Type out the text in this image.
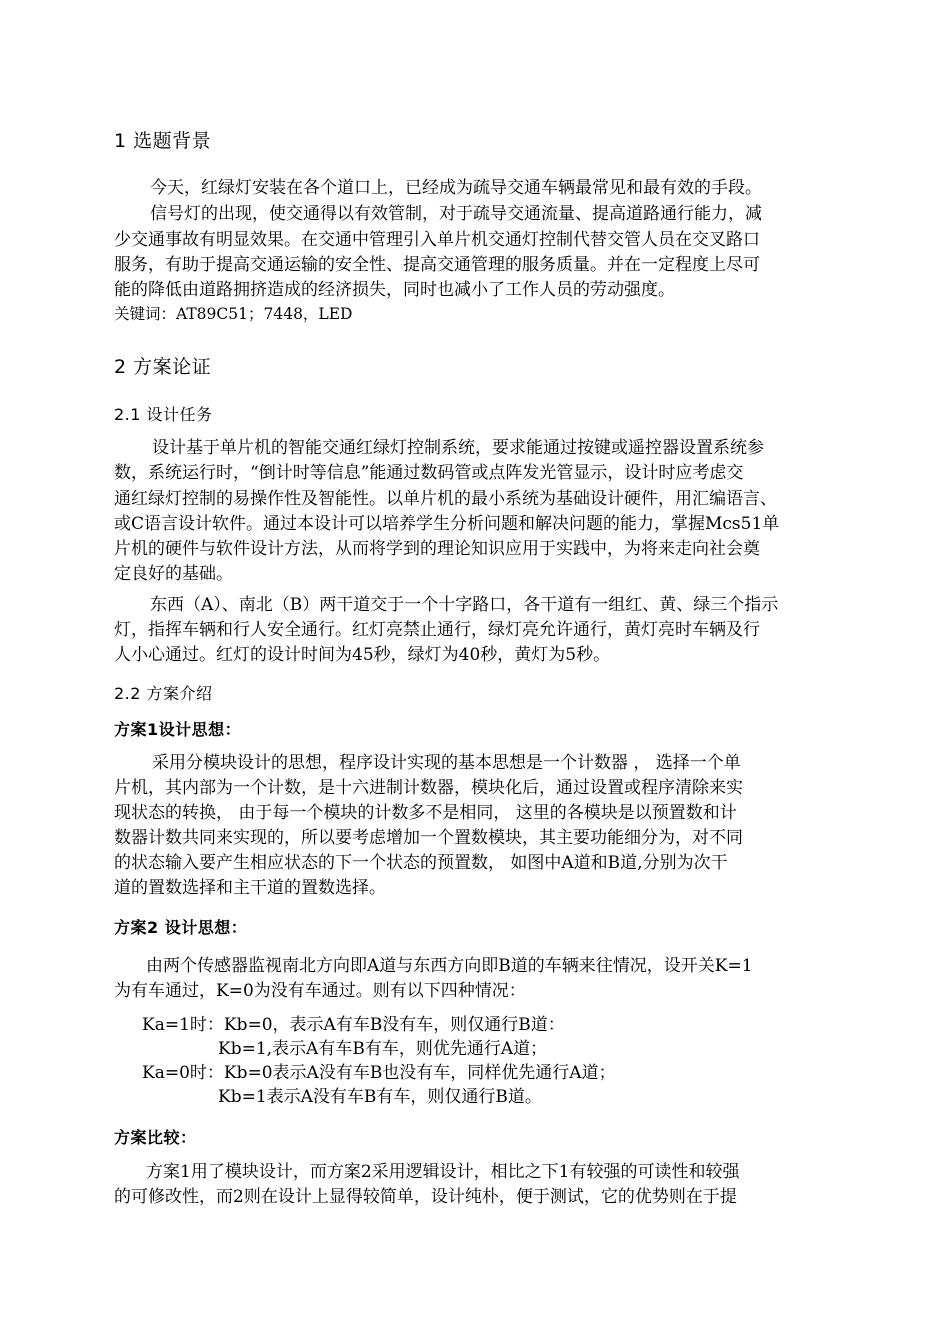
1 选题背景
今天，红绿灯安装在各个道口上，已经成为疏导交通车辆最常见和最有效的手段。
信号灯的出现，使交通得以有效管制，对于疏导交通流量、提高道路通行能力，减
少交通事故有明显效果。在交通中管理引入单片机交通灯控制代替交管人员在交叉路口
服务，有助于提高交通运输的安全性、提高交通管理的服务质量。并在一定程度上尽可
能的降低由道路拥挤造成的经济损失，同时也减小了工作人员的劳动强度。
关键词：AT89C51；7448，LED
2 方案论证
2.1 设计任务
设计基于单片机的智能交通红绿灯控制系统，要求能通过按键或遥控器设置系统参
数，系统运行时，“倒计时等信息”能通过数码管或点阵发光管显示，设计时应考虑交
通红绿灯控制的易操作性及智能性。以单片机的最小系统为基础设计硬件，用汇编语言、
或C语言设计软件。通过本设计可以培养学生分析问题和解决问题的能力，掌握Mcs51单
片机的硬件与软件设计方法，从而将学到的理论知识应用于实践中，为将来走向社会奠
定良好的基础。
东西（A）、南北（B）两干道交于一个十字路口，各干道有一组红、黄、绿三个指示
灯，指挥车辆和行人安全通行。红灯亮禁止通行，绿灯亮允许通行，黄灯亮时车辆及行
人小心通过。红灯的设计时间为45秒，绿灯为40秒，黄灯为5秒。
2.2 方案介绍
方案1设计思想：
采用分模块设计的思想，程序设计实现的基本思想是一个计数器 ， 选择一个单
片机，其内部为一个计数，是十六进制计数器，模块化后，通过设置或程序清除来实
现状态的转换， 由于每一个模块的计数多不是相同， 这里的各模块是以预置数和计
数器计数共同来实现的，所以要考虑增加一个置数模块，其主要功能细分为，对不同
的状态输入要产生相应状态的下一个状态的预置数， 如图中A道和B道,分别为次干
道的置数选择和主干道的置数选择。
方案2 设计思想：
由两个传感器监视南北方向即A道与东西方向即B道的车辆来往情况，设开关K=1
为有车通过，K=0为没有车通过。则有以下四种情况：
Ka=1时：Kb=0，表示A有车B没有车，则仅通行B道：
Kb=1,表示A有车B有车，则优先通行A道；
Ka=0时：Kb=0表示A没有车B也没有车，同样优先通行A道；
Kb=1表示A没有车B有车，则仅通行B道。
方案比较：
方案1用了模块设计，而方案2采用逻辑设计，相比之下1有较强的可读性和较强
的可修改性，而2则在设计上显得较简单，设计纯朴，便于测试，它的优势则在于提
